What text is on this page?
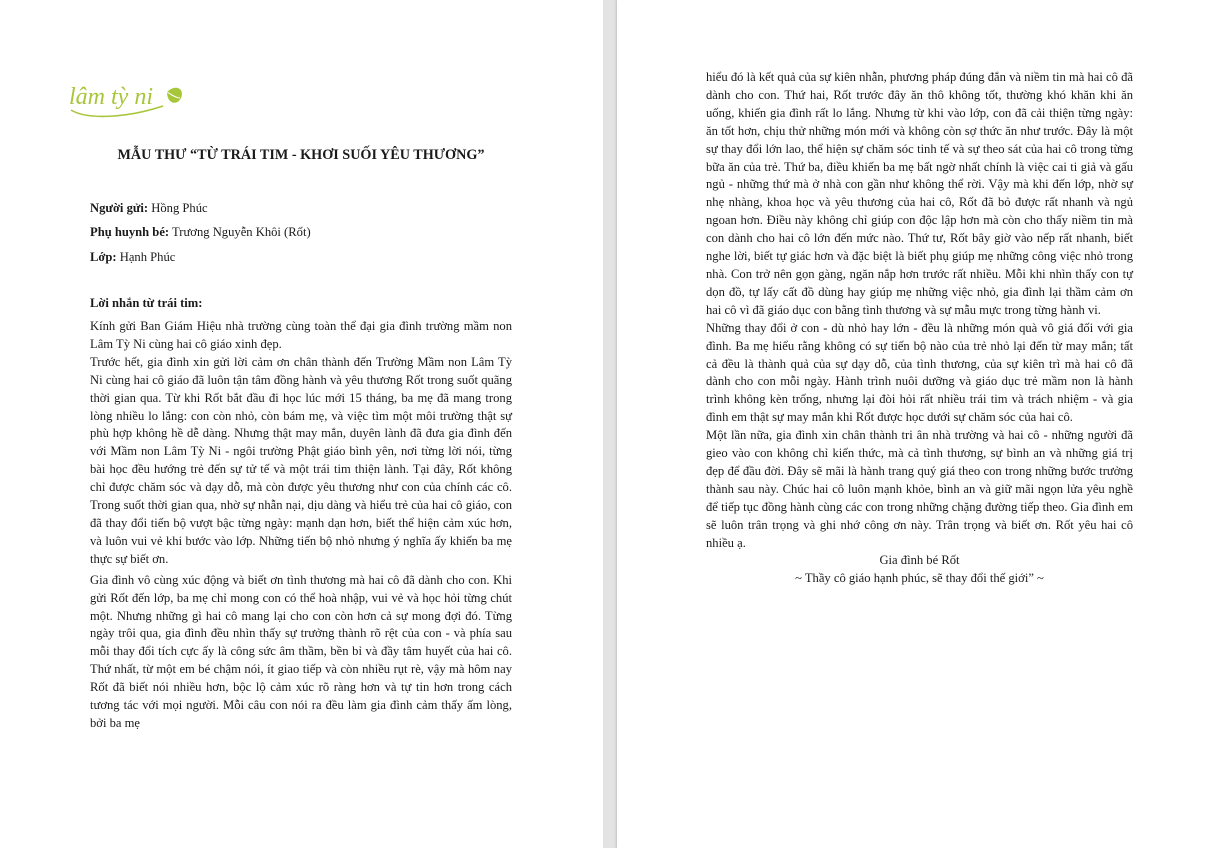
lâm tỳ ni
MẪU THƯ “TỪ TRÁI TIM - KHƠI SUỐI YÊU THƯƠNG”
Người gửi: Hồng Phúc
Phụ huynh bé: Trương Nguyễn Khôi (Rốt)
Lớp: Hạnh Phúc
Lời nhắn từ trái tim:

Kính gửi Ban Giám Hiệu nhà trường cùng toàn thể đại gia đình trường mầm non Lâm Tỳ Ni cùng hai cô giáo xinh đẹp.

Trước hết, gia đình xin gửi lời cảm ơn chân thành đến Trường Mầm non Lâm Tỳ Ni cùng hai cô giáo đã luôn tận tâm đồng hành và yêu thương Rốt trong suốt quãng thời gian qua. Từ khi Rốt bắt đầu đi học lúc mới 15 tháng, ba mẹ đã mang trong lòng nhiều lo lắng: con còn nhỏ, còn bám mẹ, và việc tìm một môi trường thật sự phù hợp không hề dễ dàng. Nhưng thật may mắn, duyên lành đã đưa gia đình đến với Mầm non Lâm Tỳ Ni - ngôi trường Phật giáo bình yên, nơi từng lời nói, từng bài học đều hướng trẻ đến sự tử tế và một trái tim thiện lành. Tại đây, Rốt không chỉ được chăm sóc và dạy dỗ, mà còn được yêu thương như con của chính các cô. Trong suốt thời gian qua, nhờ sự nhẫn nại, dịu dàng và hiểu trẻ của hai cô giáo, con đã thay đổi tiến bộ vượt bậc từng ngày: mạnh dạn hơn, biết thể hiện cảm xúc hơn, và luôn vui vẻ khi bước vào lớp. Những tiến bộ nhỏ nhưng ý nghĩa ấy khiến ba mẹ thực sự biết ơn.

Gia đình vô cùng xúc động và biết ơn tình thương mà hai cô đã dành cho con. Khi gửi Rốt đến lớp, ba mẹ chỉ mong con có thể hoà nhập, vui vẻ và học hỏi từng chút một. Nhưng những gì hai cô mang lại cho con còn hơn cả sự mong đợi đó. Từng ngày trôi qua, gia đình đều nhìn thấy sự trưởng thành rõ rệt của con - và phía sau mỗi thay đổi tích cực ấy là công sức âm thầm, bền bỉ và đầy tâm huyết của hai cô. Thứ nhất, từ một em bé chậm nói, ít giao tiếp và còn nhiều rụt rè, vậy mà hôm nay Rốt đã biết nói nhiều hơn, bộc lộ cảm xúc rõ ràng hơn và tự tin hơn trong cách tương tác với mọi người. Mỗi câu con nói ra đều làm gia đình cảm thấy ấm lòng, bởi ba mẹ

hiểu đó là kết quả của sự kiên nhẫn, phương pháp đúng đắn và niềm tin mà hai cô đã dành cho con. Thứ hai, Rốt trước đây ăn thô không tốt, thường khó khăn khi ăn uống, khiến gia đình rất lo lắng. Nhưng từ khi vào lớp, con đã cải thiện từng ngày: ăn tốt hơn, chịu thử những món mới và không còn sợ thức ăn như trước. Đây là một sự thay đổi lớn lao, thể hiện sự chăm sóc tinh tế và sự theo sát của hai cô trong từng bữa ăn của trẻ. Thứ ba, điều khiến ba mẹ bất ngờ nhất chính là việc cai ti giả và gấu ngủ - những thứ mà ở nhà con gần như không thể rời. Vậy mà khi đến lớp, nhờ sự nhẹ nhàng, khoa học và yêu thương của hai cô, Rốt đã bỏ được rất nhanh và ngủ ngoan hơn. Điều này không chỉ giúp con độc lập hơn mà còn cho thấy niềm tin mà con dành cho hai cô lớn đến mức nào. Thứ tư, Rốt bây giờ vào nếp rất nhanh, biết nghe lời, biết tự giác hơn và đặc biệt là biết phụ giúp mẹ những công việc nhỏ trong nhà. Con trở nên gọn gàng, ngăn nắp hơn trước rất nhiều. Mỗi khi nhìn thấy con tự dọn đồ, tự lấy cất đồ dùng hay giúp mẹ những việc nhỏ, gia đình lại thầm cảm ơn hai cô vì đã giáo dục con bằng tình thương và sự mẫu mực trong từng hành vi.

Những thay đổi ở con - dù nhỏ hay lớn - đều là những món quà vô giá đối với gia đình. Ba mẹ hiểu rằng không có sự tiến bộ nào của trẻ nhỏ lại đến từ may mắn; tất cả đều là thành quả của sự dạy dỗ, của tình thương, của sự kiên trì mà hai cô đã dành cho con mỗi ngày. Hành trình nuôi dưỡng và giáo dục trẻ mầm non là hành trình không kèn trống, nhưng lại đòi hỏi rất nhiều trái tim và trách nhiệm - và gia đình em thật sự may mắn khi Rốt được học dưới sự chăm sóc của hai cô.

Một lần nữa, gia đình xin chân thành tri ân nhà trường và hai cô - những người đã gieo vào con không chỉ kiến thức, mà cả tình thương, sự bình an và những giá trị đẹp để đầu đời. Đây sẽ mãi là hành trang quý giá theo con trong những bước trưởng thành sau này. Chúc hai cô luôn mạnh khỏe, bình an và giữ mãi ngọn lửa yêu nghề để tiếp tục đồng hành cùng các con trong những chặng đường tiếp theo. Gia đình em sẽ luôn trân trọng và ghi nhớ công ơn này. Trân trọng và biết ơn. Rốt yêu hai cô nhiều ạ.

Gia đình bé Rốt

~ Thầy cô giáo hạnh phúc, sẽ thay đổi thế giới” ~
